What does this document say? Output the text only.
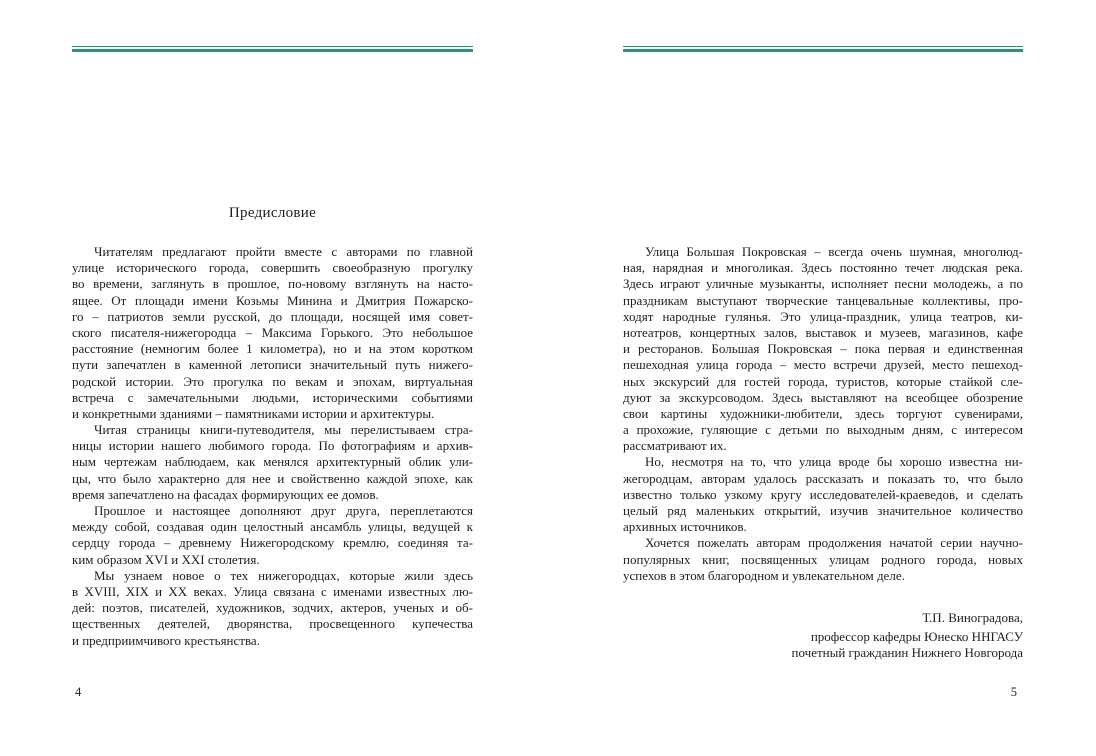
Предисловие
Читателям предлагают пройти вместе с авторами по главной
улице исторического города, совершить своеобразную прогулку
во времени, заглянуть в прошлое, по-новому взглянуть на насто-
ящее. От площади имени Козьмы Минина и Дмитрия Пожарско-
го – патриотов земли русской, до площади, носящей имя совет-
ского писателя-нижегородца – Максима Горького. Это небольшое
расстояние (немногим более 1 километра), но и на этом коротком
пути запечатлен в каменной летописи значительный путь нижего-
родской истории. Это прогулка по векам и эпохам, виртуальная
встреча с замечательными людьми, историческими событиями
и конкретными зданиями – памятниками истории и архитектуры.
Читая страницы книги-путеводителя, мы перелистываем стра-
ницы истории нашего любимого города. По фотографиям и архив-
ным чертежам наблюдаем, как менялся архитектурный облик ули-
цы, что было характерно для нее и свойственно каждой эпохе, как
время запечатлено на фасадах формирующих ее домов.
Прошлое и настоящее дополняют друг друга, переплетаются
между собой, создавая один целостный ансамбль улицы, ведущей к
сердцу города – древнему Нижегородскому кремлю, соединяя та-
ким образом XVI и XXI столетия.
Мы узнаем новое о тех нижегородцах, которые жили здесь
в XVIII, XIX и XX веках. Улица связана с именами известных лю-
дей: поэтов, писателей, художников, зодчих, актеров, ученых и об-
щественных деятелей, дворянства, просвещенного купечества
и предприимчивого крестьянства.
4
Улица Большая Покровская – всегда очень шумная, многолюд-
ная, нарядная и многоликая. Здесь постоянно течет людская река.
Здесь играют уличные музыканты, исполняет песни молодежь, а по
праздникам выступают творческие танцевальные коллективы, про-
ходят народные гулянья. Это улица-праздник, улица театров, ки-
нотеатров, концертных залов, выставок и музеев, магазинов, кафе
и ресторанов. Большая Покровская – пока первая и единственная
пешеходная улица города – место встречи друзей, место пешеход-
ных экскурсий для гостей города, туристов, которые стайкой сле-
дуют за экскурсоводом. Здесь выставляют на всеобщее обозрение
свои картины художники-любители, здесь торгуют сувенирами,
а прохожие, гуляющие с детьми по выходным дням, с интересом
рассматривают их.
Но, несмотря на то, что улица вроде бы хорошо известна ни-
жегородцам, авторам удалось рассказать и показать то, что было
известно только узкому кругу исследователей-краеведов, и сделать
целый ряд маленьких открытий, изучив значительное количество
архивных источников.
Хочется пожелать авторам продолжения начатой серии научно-
популярных книг, посвященных улицам родного города, новых
успехов в этом благородном и увлекательном деле.
Т.П. Виноградова,
профессор кафедры Юнеско ННГАСУ
почетный гражданин Нижнего Новгорода
5
